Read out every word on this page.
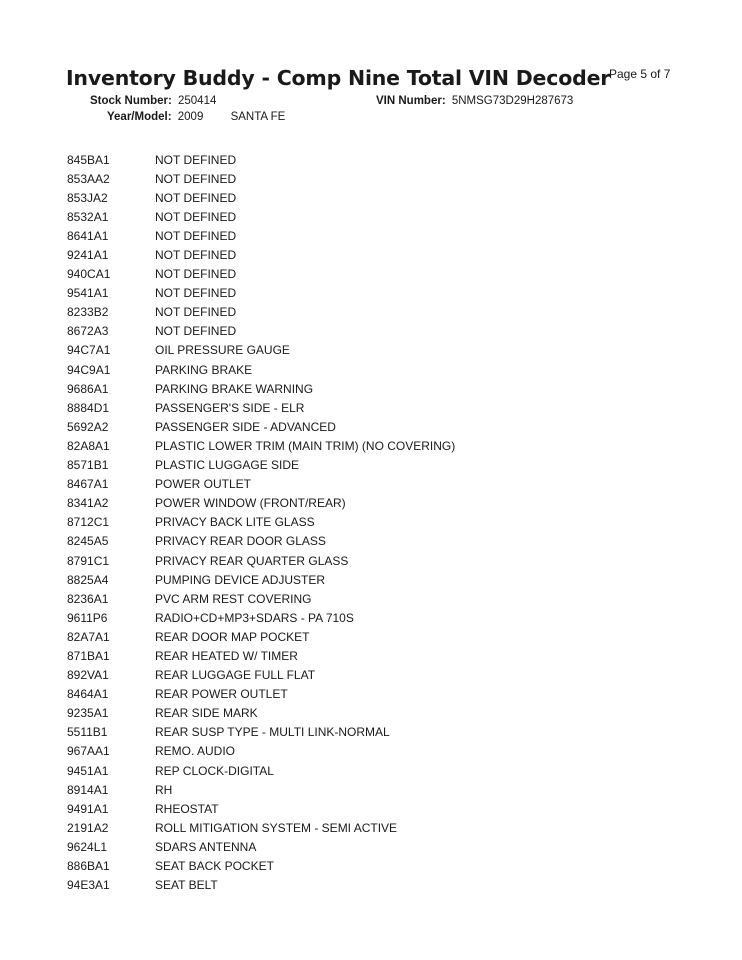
Inventory Buddy - Comp Nine Total VIN Decoder
Page 5 of 7
Stock Number: 250414	VIN Number: 5NMSG73D29H287673
Year/Model: 2009 SANTA FE
845BA1	NOT DEFINED
853AA2	NOT DEFINED
853JA2	NOT DEFINED
8532A1	NOT DEFINED
8641A1	NOT DEFINED
9241A1	NOT DEFINED
940CA1	NOT DEFINED
9541A1	NOT DEFINED
8233B2	NOT DEFINED
8672A3	NOT DEFINED
94C7A1	OIL PRESSURE GAUGE
94C9A1	PARKING BRAKE
9686A1	PARKING BRAKE WARNING
8884D1	PASSENGER'S SIDE - ELR
5692A2	PASSENGER SIDE - ADVANCED
82A8A1	PLASTIC LOWER TRIM (MAIN TRIM) (NO COVERING)
8571B1	PLASTIC LUGGAGE SIDE
8467A1	POWER OUTLET
8341A2	POWER WINDOW (FRONT/REAR)
8712C1	PRIVACY BACK LITE GLASS
8245A5	PRIVACY REAR DOOR GLASS
8791C1	PRIVACY REAR QUARTER GLASS
8825A4	PUMPING DEVICE ADJUSTER
8236A1	PVC ARM REST COVERING
9611P6	RADIO+CD+MP3+SDARS - PA 710S
82A7A1	REAR DOOR MAP POCKET
871BA1	REAR HEATED W/ TIMER
892VA1	REAR LUGGAGE FULL FLAT
8464A1	REAR POWER OUTLET
9235A1	REAR SIDE MARK
5511B1	REAR SUSP TYPE - MULTI LINK-NORMAL
967AA1	REMO. AUDIO
9451A1	REP CLOCK-DIGITAL
8914A1	RH
9491A1	RHEOSTAT
2191A2	ROLL MITIGATION SYSTEM - SEMI ACTIVE
9624L1	SDARS ANTENNA
886BA1	SEAT BACK POCKET
94E3A1	SEAT BELT
